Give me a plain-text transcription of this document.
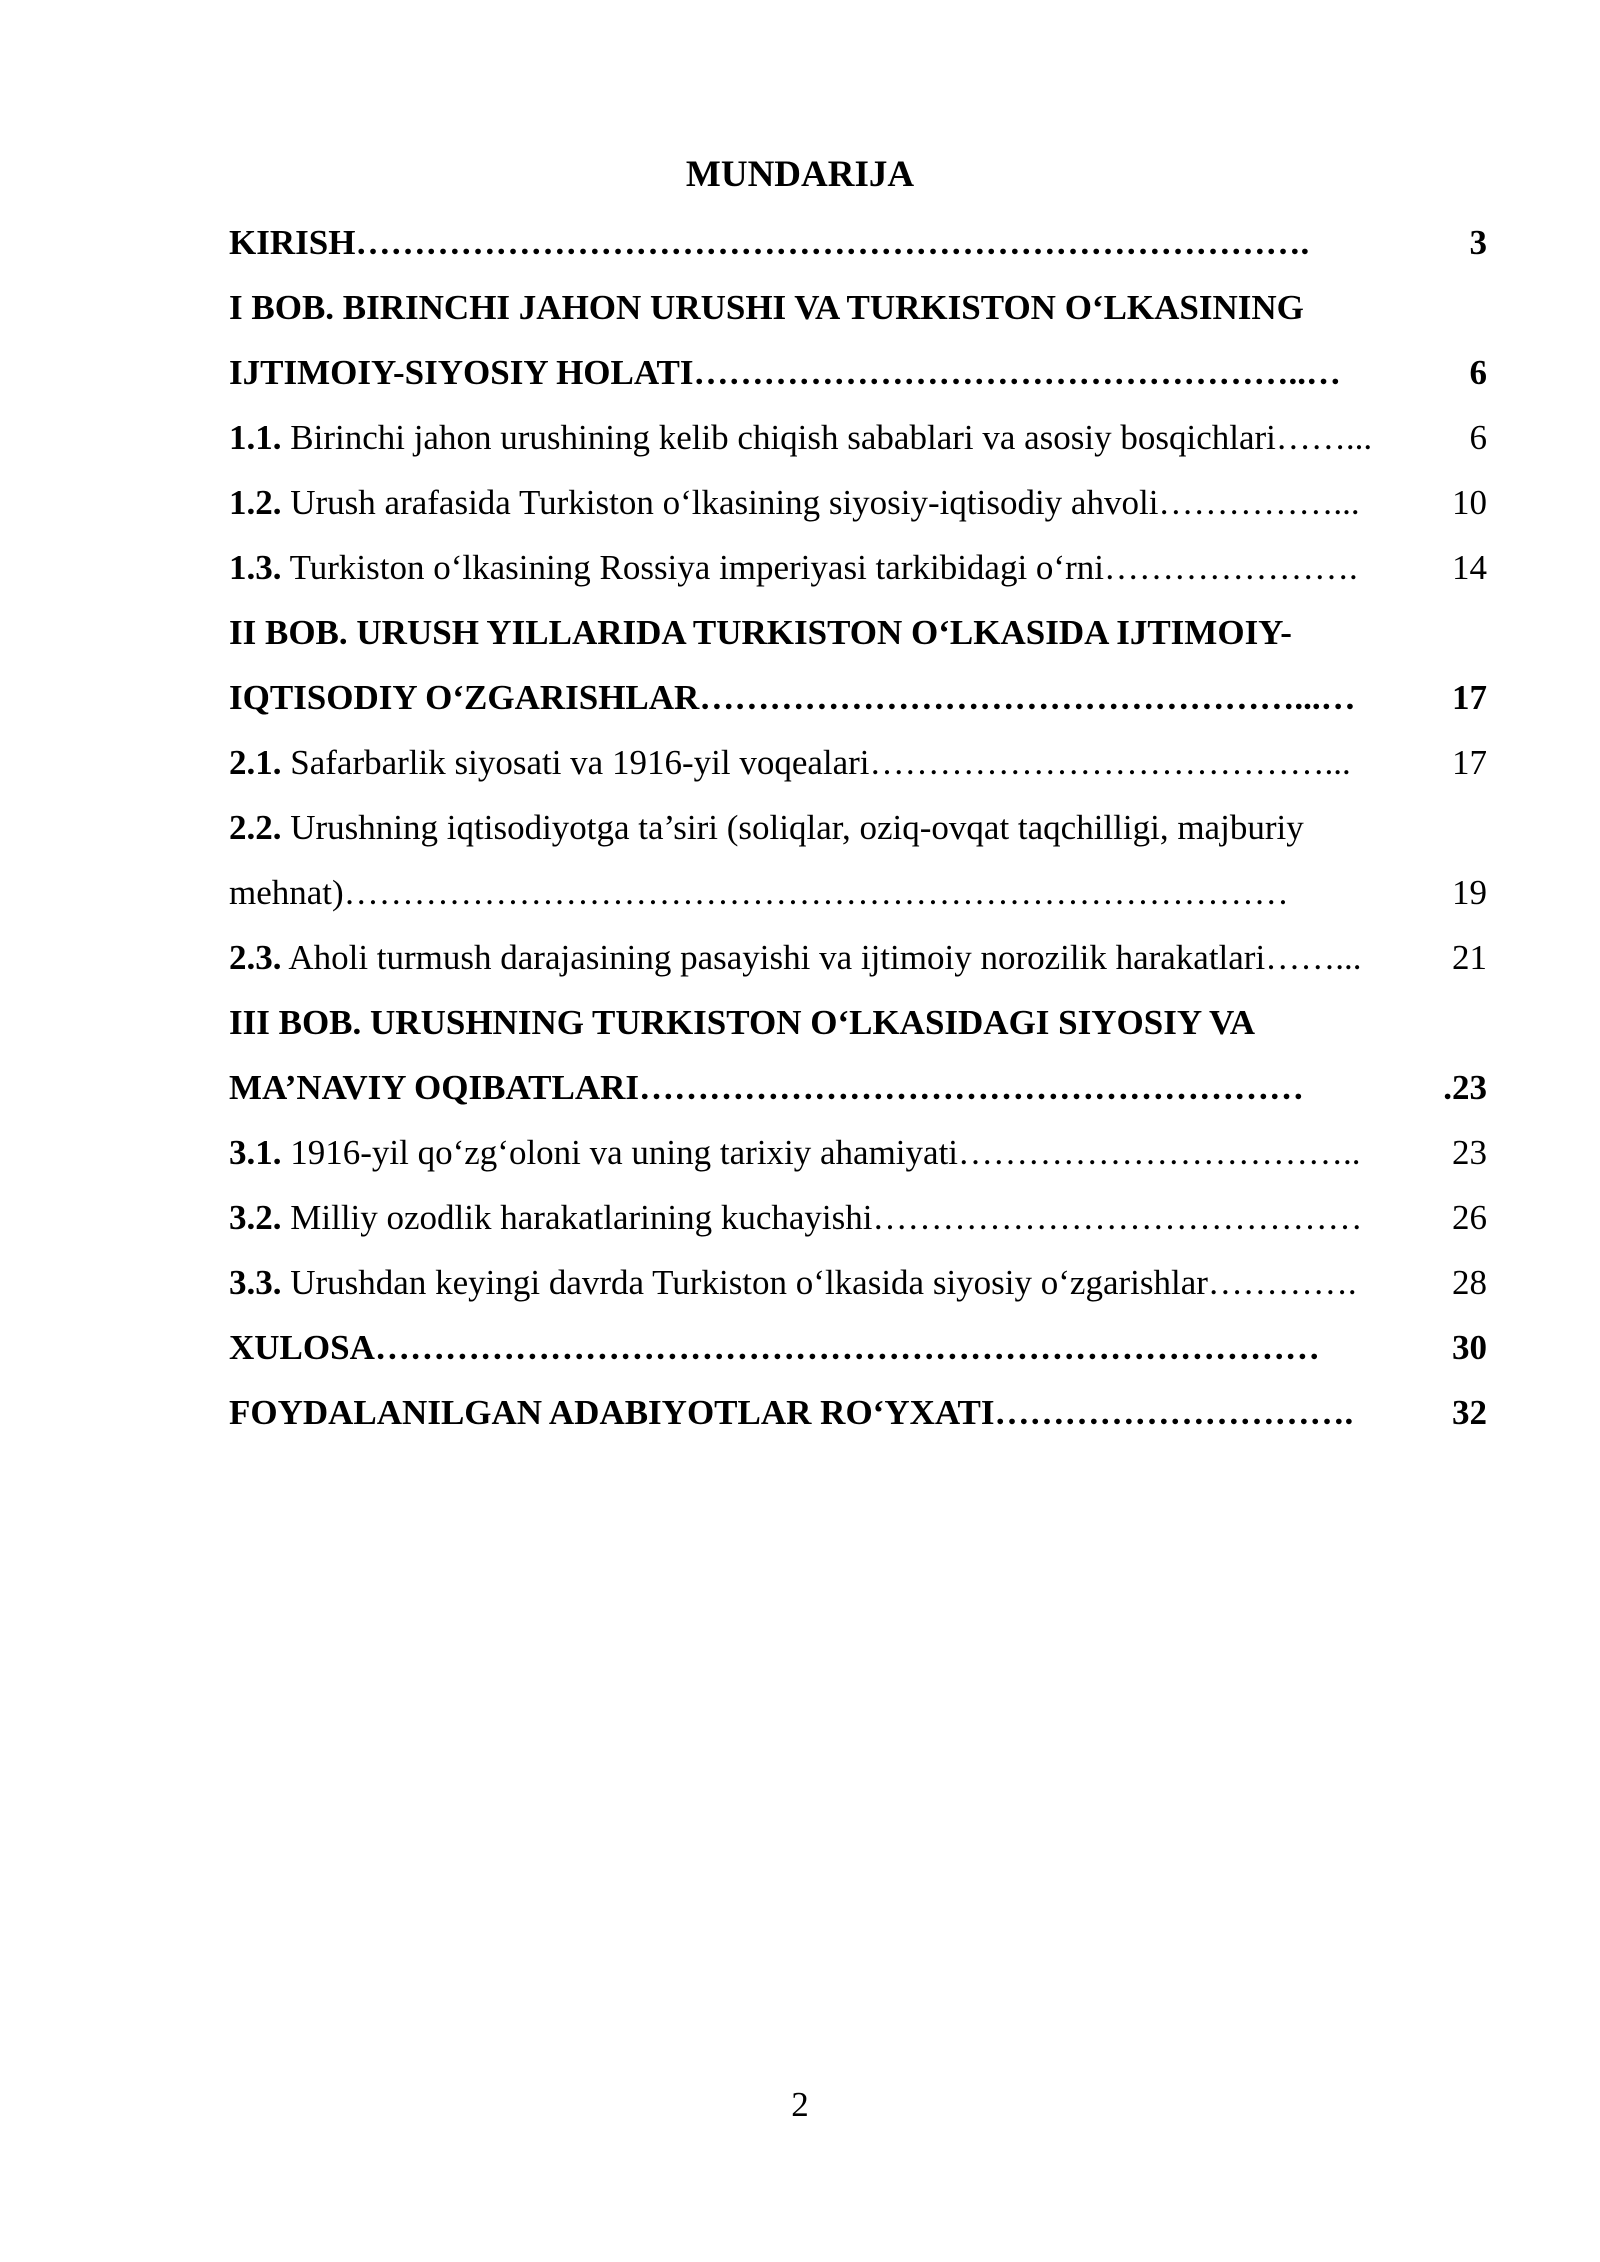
MUNDARIJA
KIRISH ……………………………………………………………………….	3
I BOB. BIRINCHI JAHON URUSHI VA TURKISTON O‘LKASINING
IJTIMOIY-SIYOSIY HOLATI ……………………………………………..…	6
1.1. Birinchi jahon urushining kelib chiqish sabablari va asosiy bosqichlari ……...	6
1.2. Urush arafasida Turkiston o‘lkasining siyosiy-iqtisodiy ahvoli ……………...	10
1.3. Turkiston o‘lkasining Rossiya imperiyasi tarkibidagi o‘rni ………………….	14
II BOB. URUSH YILLARIDA TURKISTON O‘LKASIDA IJTIMOIY-
IQTISODIY O‘ZGARISHLAR ……………………………………………...…	17
2.1. Safarbarlik siyosati va 1916-yil voqealari …………………………………...	17
2.2. Urushning iqtisodiyotga ta’siri (soliqlar, oziq-ovqat taqchilligi, majburiy
mehnat) ………………………………………………………………………	19
2.3. Aholi turmush darajasining pasayishi va ijtimoiy norozilik harakatlari ……...	21
III BOB. URUSHNING TURKISTON O‘LKASIDAGI SIYOSIY VA
MA’NAVIY OQIBATLARI …………………………………………………	.23
3.1. 1916-yil qo‘zg‘oloni va uning tarixiy ahamiyati ……………………………..	23
3.2. Milliy ozodlik harakatlarining kuchayishi ……………………………………	26
3.3. Urushdan keyingi davrda Turkiston o‘lkasida siyosiy o‘zgarishlar ………….	28
XULOSA ………………………………………………………………………	30
FOYDALANILGAN ADABIYOTLAR RO‘YXATI ………………………….	32
2
